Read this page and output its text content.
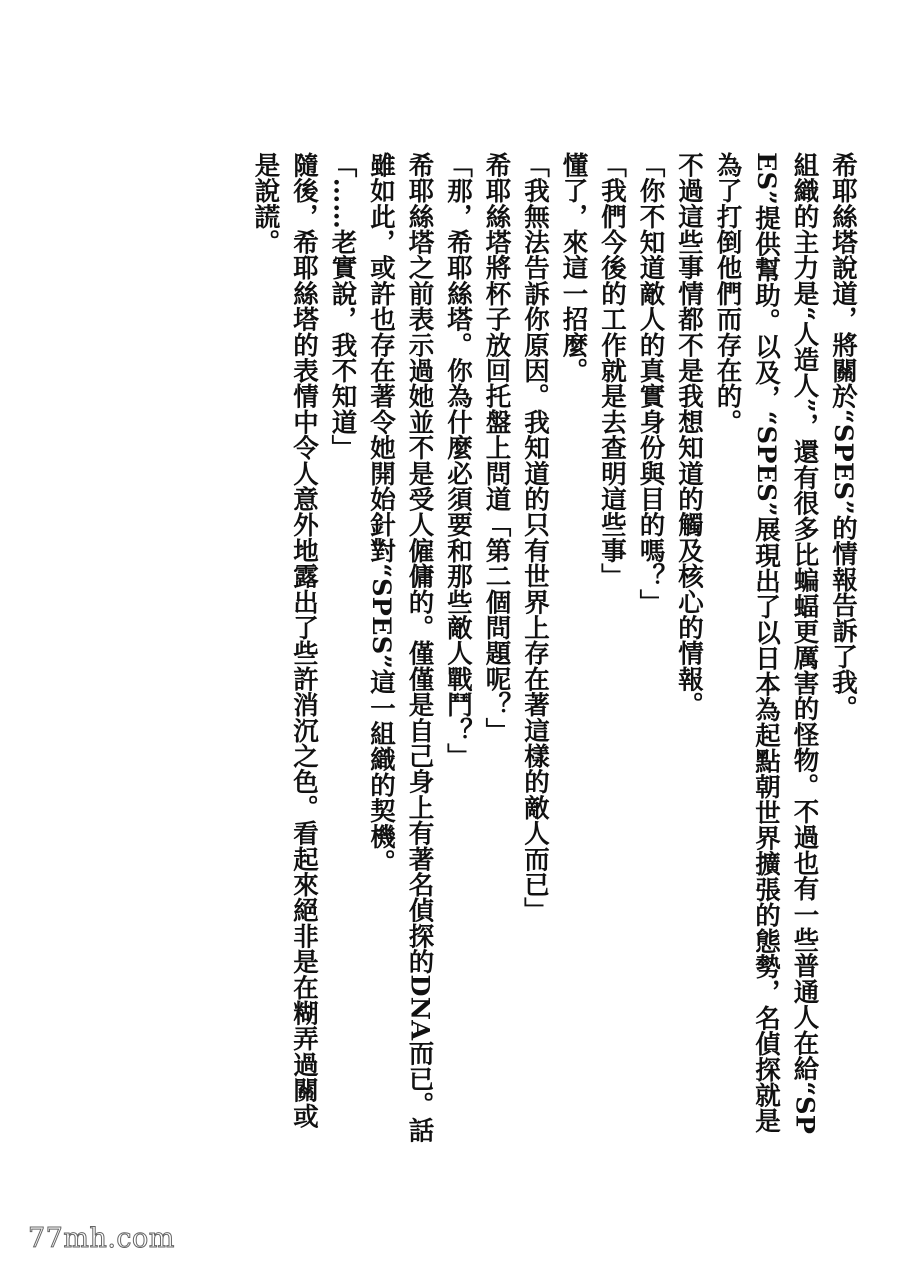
希耶絲塔說道，將關於“SPES”的情報告訴了我。

組織的主力是“人造人”，還有很多比蝙蝠更厲害的怪物。不過也有一些普通人在給“SPES”提供幫助。以及，“SPES”展現出了以日本為起點朝世界擴張的態勢，名偵探就是為了打倒他們而存在的。

不過這些事情都不是我想知道的觸及核心的情報。

「你不知道敵人的真實身份與目的嗎？」

「我們今後的工作就是去查明這些事」

懂了，來這一招麼。

「我無法告訴你原因。我知道的只有世界上存在著這樣的敵人而已」

希耶絲塔將杯子放回托盤上問道「第二個問題呢？」

「那，希耶絲塔。你為什麼必須要和那些敵人戰鬥？」

希耶絲塔之前表示過她並不是受人僱傭的。僅僅是自己身上有著名偵探的DNA而已。話雖如此，或許也存在著令她開始針對“SPES”這一組織的契機。

「……老實說，我不知道」

隨後，希耶絲塔的表情中令人意外地露出了些許消沉之色。看起來絕非是在糊弄過關或是說謊。

77mh.com
